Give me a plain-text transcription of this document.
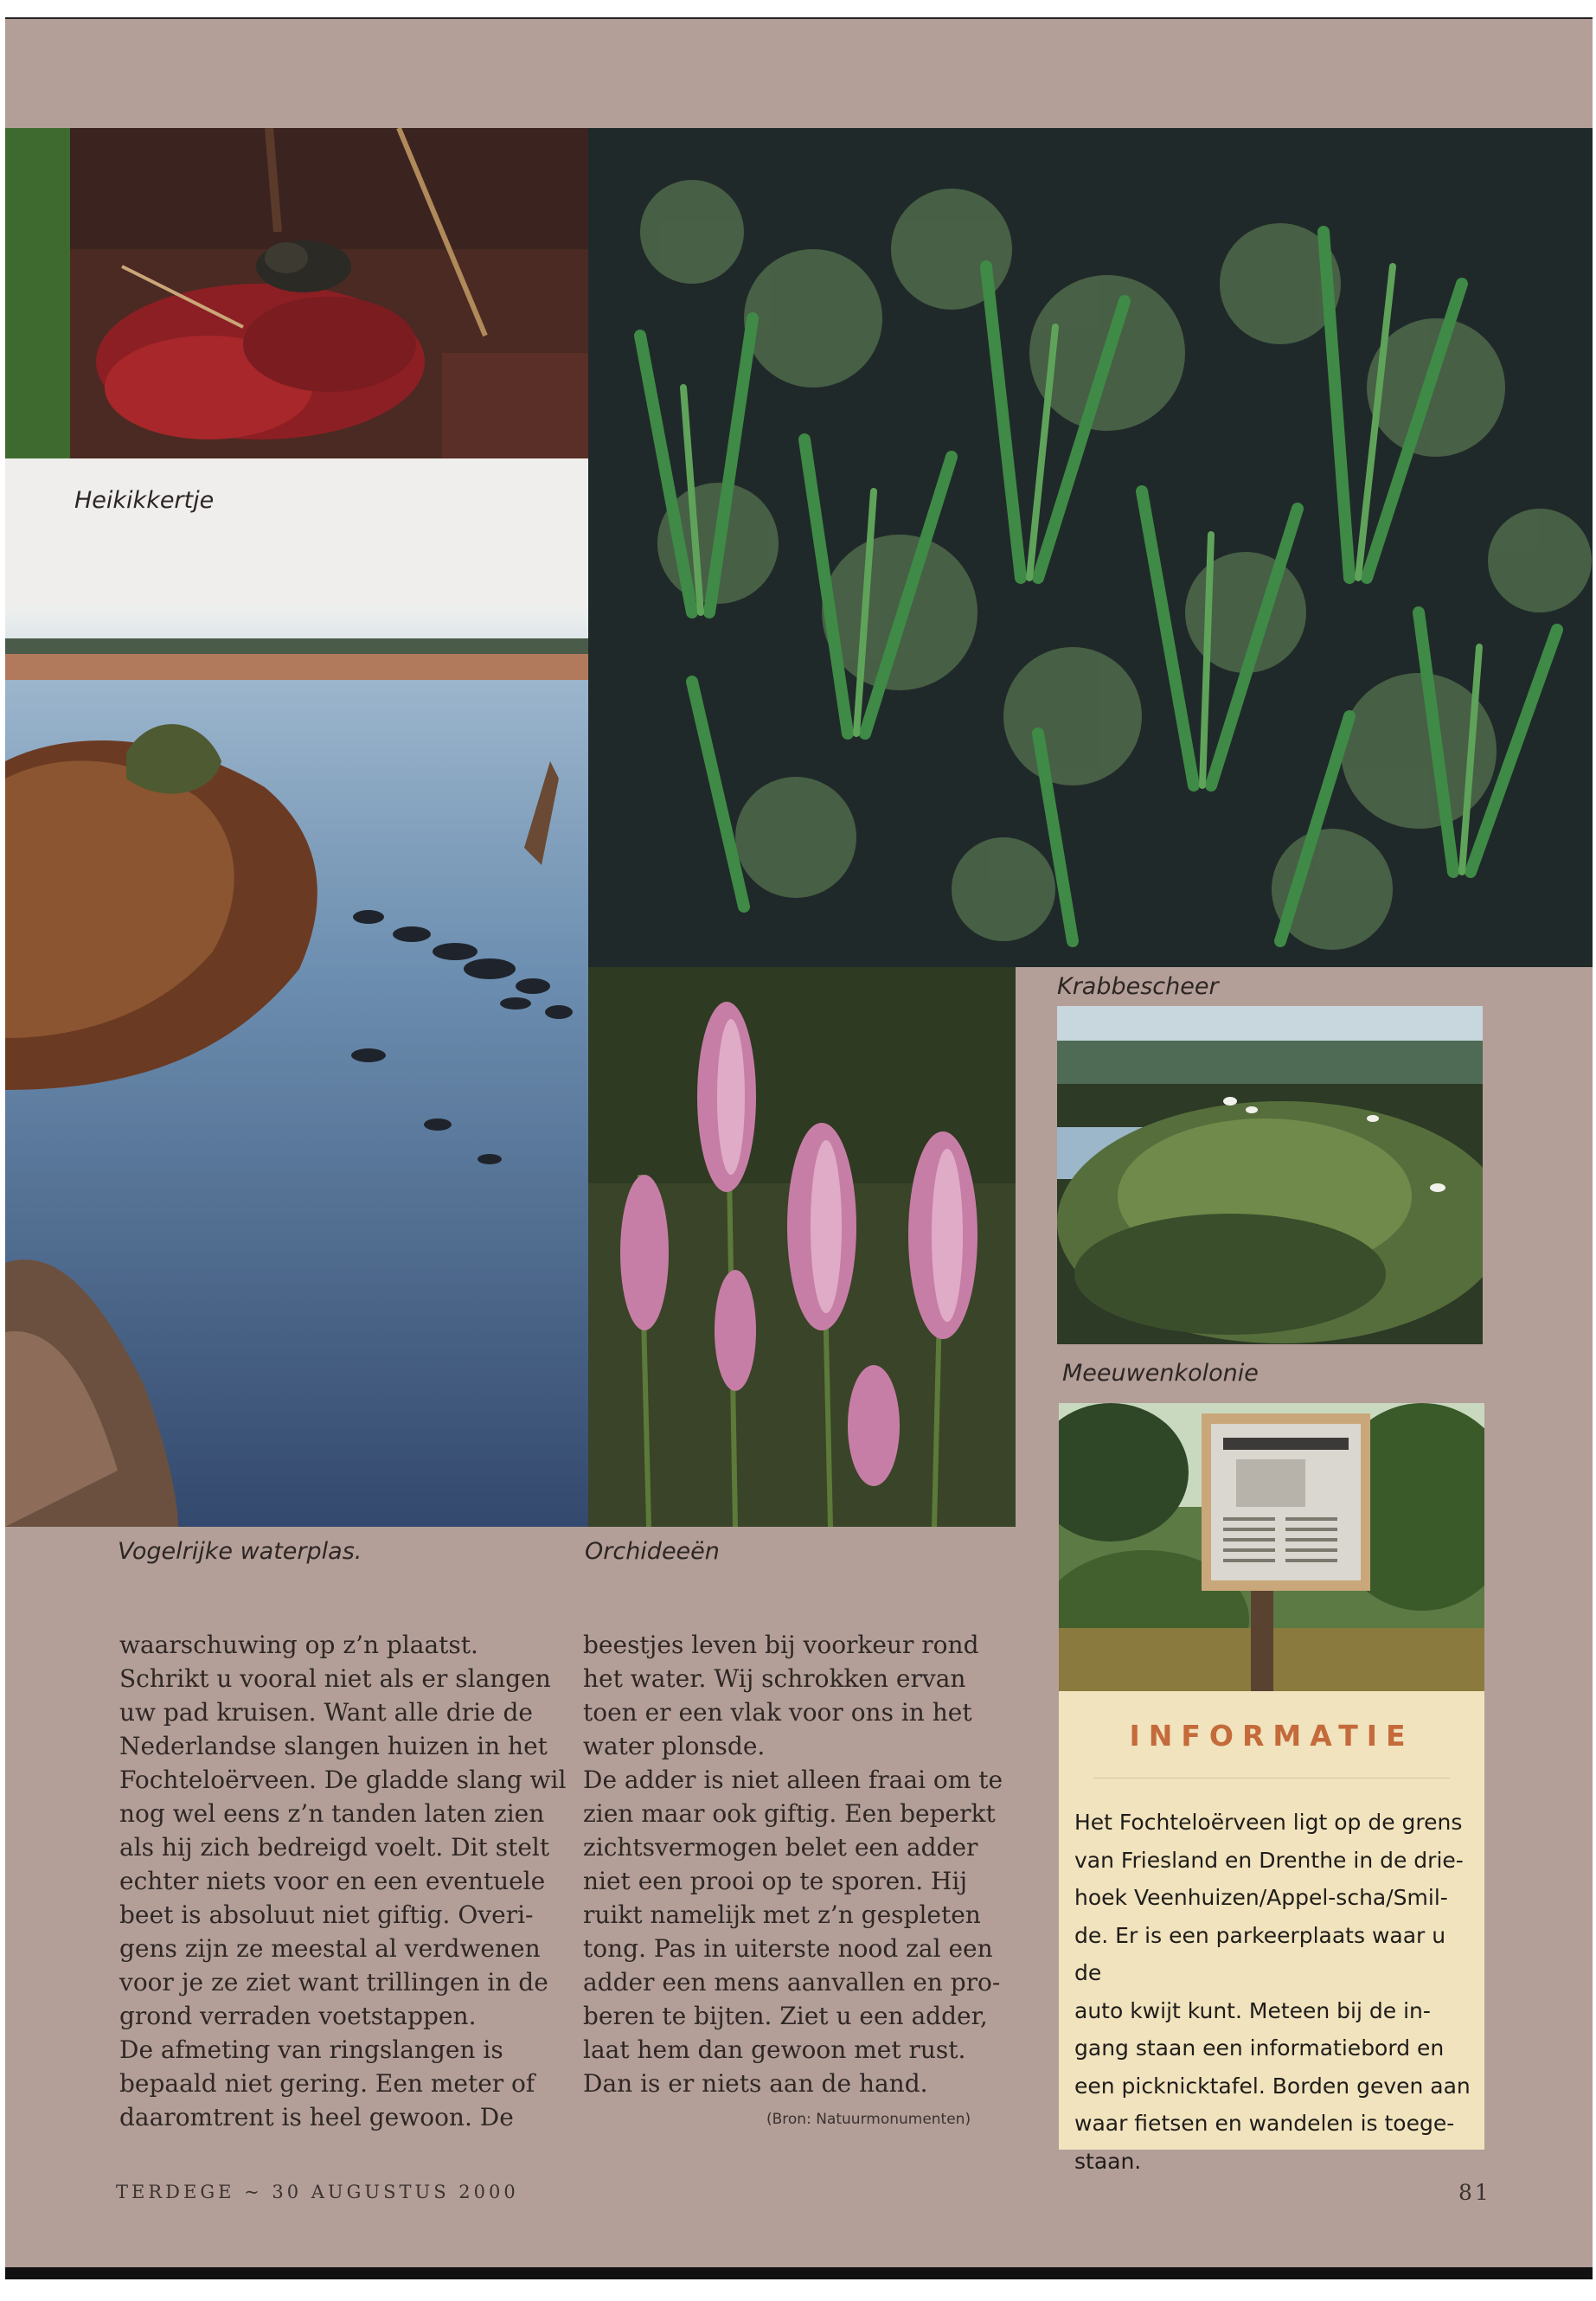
Heikikkertje
Vogelrijke waterplas.	Orchideeën
Krabbescheer
Meeuwenkolonie
INFORMATIE
Het Fochteloërveen ligt op de grens
van Friesland en Drenthe in de drie-
hoek Veenhuizen/Appel-scha/Smil-
de. Er is een parkeerplaats waar u de
auto kwijt kunt. Meteen bij de in-
gang staan een informatiebord en
een picknicktafel. Borden geven aan
waar fietsen en wandelen is toege-
staan.
waarschuwing op z’n plaatst.
Schrikt u vooral niet als er slangen
uw pad kruisen. Want alle drie de
Nederlandse slangen huizen in het
Fochteloërveen. De gladde slang wil
nog wel eens z’n tanden laten zien
als hij zich bedreigd voelt. Dit stelt
echter niets voor en een eventuele
beet is absoluut niet giftig. Overi-
gens zijn ze meestal al verdwenen
voor je ze ziet want trillingen in de
grond verraden voetstappen.
De afmeting van ringslangen is
bepaald niet gering. Een meter of
daaromtrent is heel gewoon. De
beestjes leven bij voorkeur rond
het water. Wij schrokken ervan
toen er een vlak voor ons in het
water plonsde.
De adder is niet alleen fraai om te
zien maar ook giftig. Een beperkt
zichtsvermogen belet een adder
niet een prooi op te sporen. Hij
ruikt namelijk met z’n gespleten
tong. Pas in uiterste nood zal een
adder een mens aanvallen en pro-
beren te bijten. Ziet u een adder,
laat hem dan gewoon met rust.
Dan is er niets aan de hand.
(Bron: Natuurmonumenten)
TERDEGE ~ 30 AUGUSTUS 2000	81
